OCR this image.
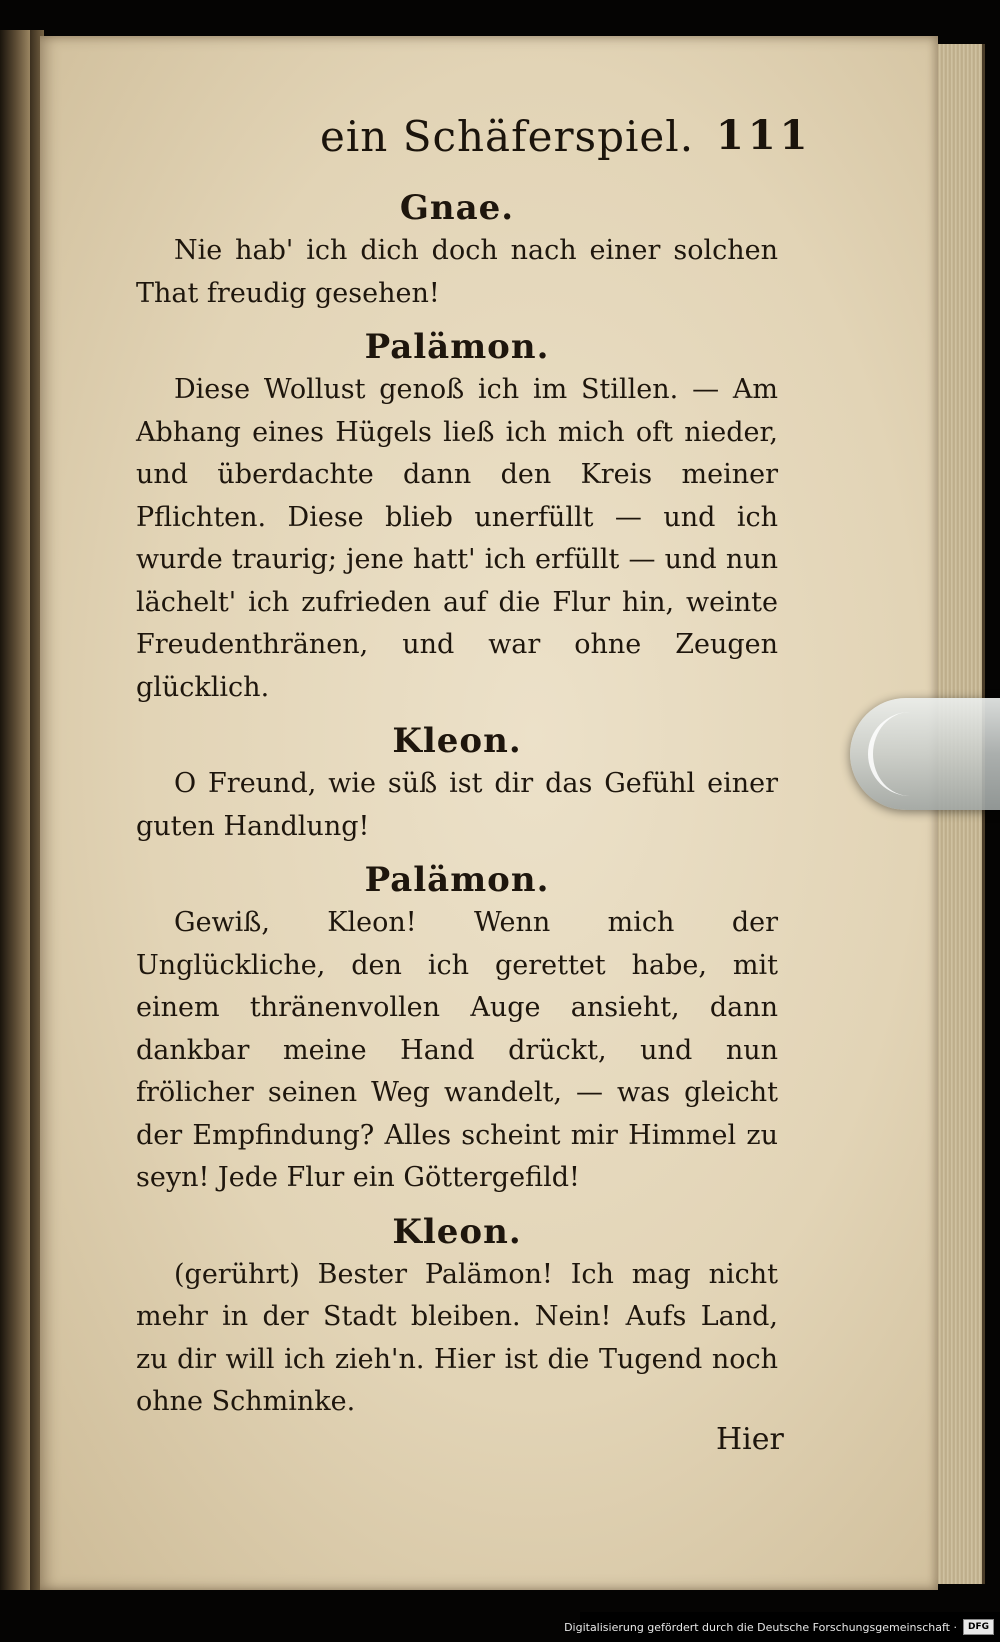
ein Schäferspiel. 111

Gnae.

Nie hab' ich dich doch nach einer solchen That freudig gesehen!

Palämon.

Diese Wollust genoß ich im Stillen. — Am Abhang eines Hügels ließ ich mich oft nieder, und überdachte dann den Kreis meiner Pflichten. Diese blieb unerfüllt — und ich wurde traurig; jene hatt' ich erfüllt — und nun lächelt' ich zufrieden auf die Flur hin, weinte Freudenthränen, und war ohne Zeugen glücklich.

Kleon.

O Freund, wie süß ist dir das Gefühl einer guten Handlung!

Palämon.

Gewiß, Kleon! Wenn mich der Unglückliche, den ich gerettet habe, mit einem thränenvollen Auge ansieht, dann dankbar meine Hand drückt, und nun frölicher seinen Weg wandelt, — was gleicht der Empfindung? Alles scheint mir Himmel zu seyn! Jede Flur ein Göttergefild!

Kleon.

(gerührt) Bester Palämon! Ich mag nicht mehr in der Stadt bleiben. Nein! Aufs Land, zu dir will ich zieh'n. Hier ist die Tugend noch ohne Schminke.

Hier
Digitalisierung gefördert durch die Deutsche Forschungsgemeinschaft ·	DFG
